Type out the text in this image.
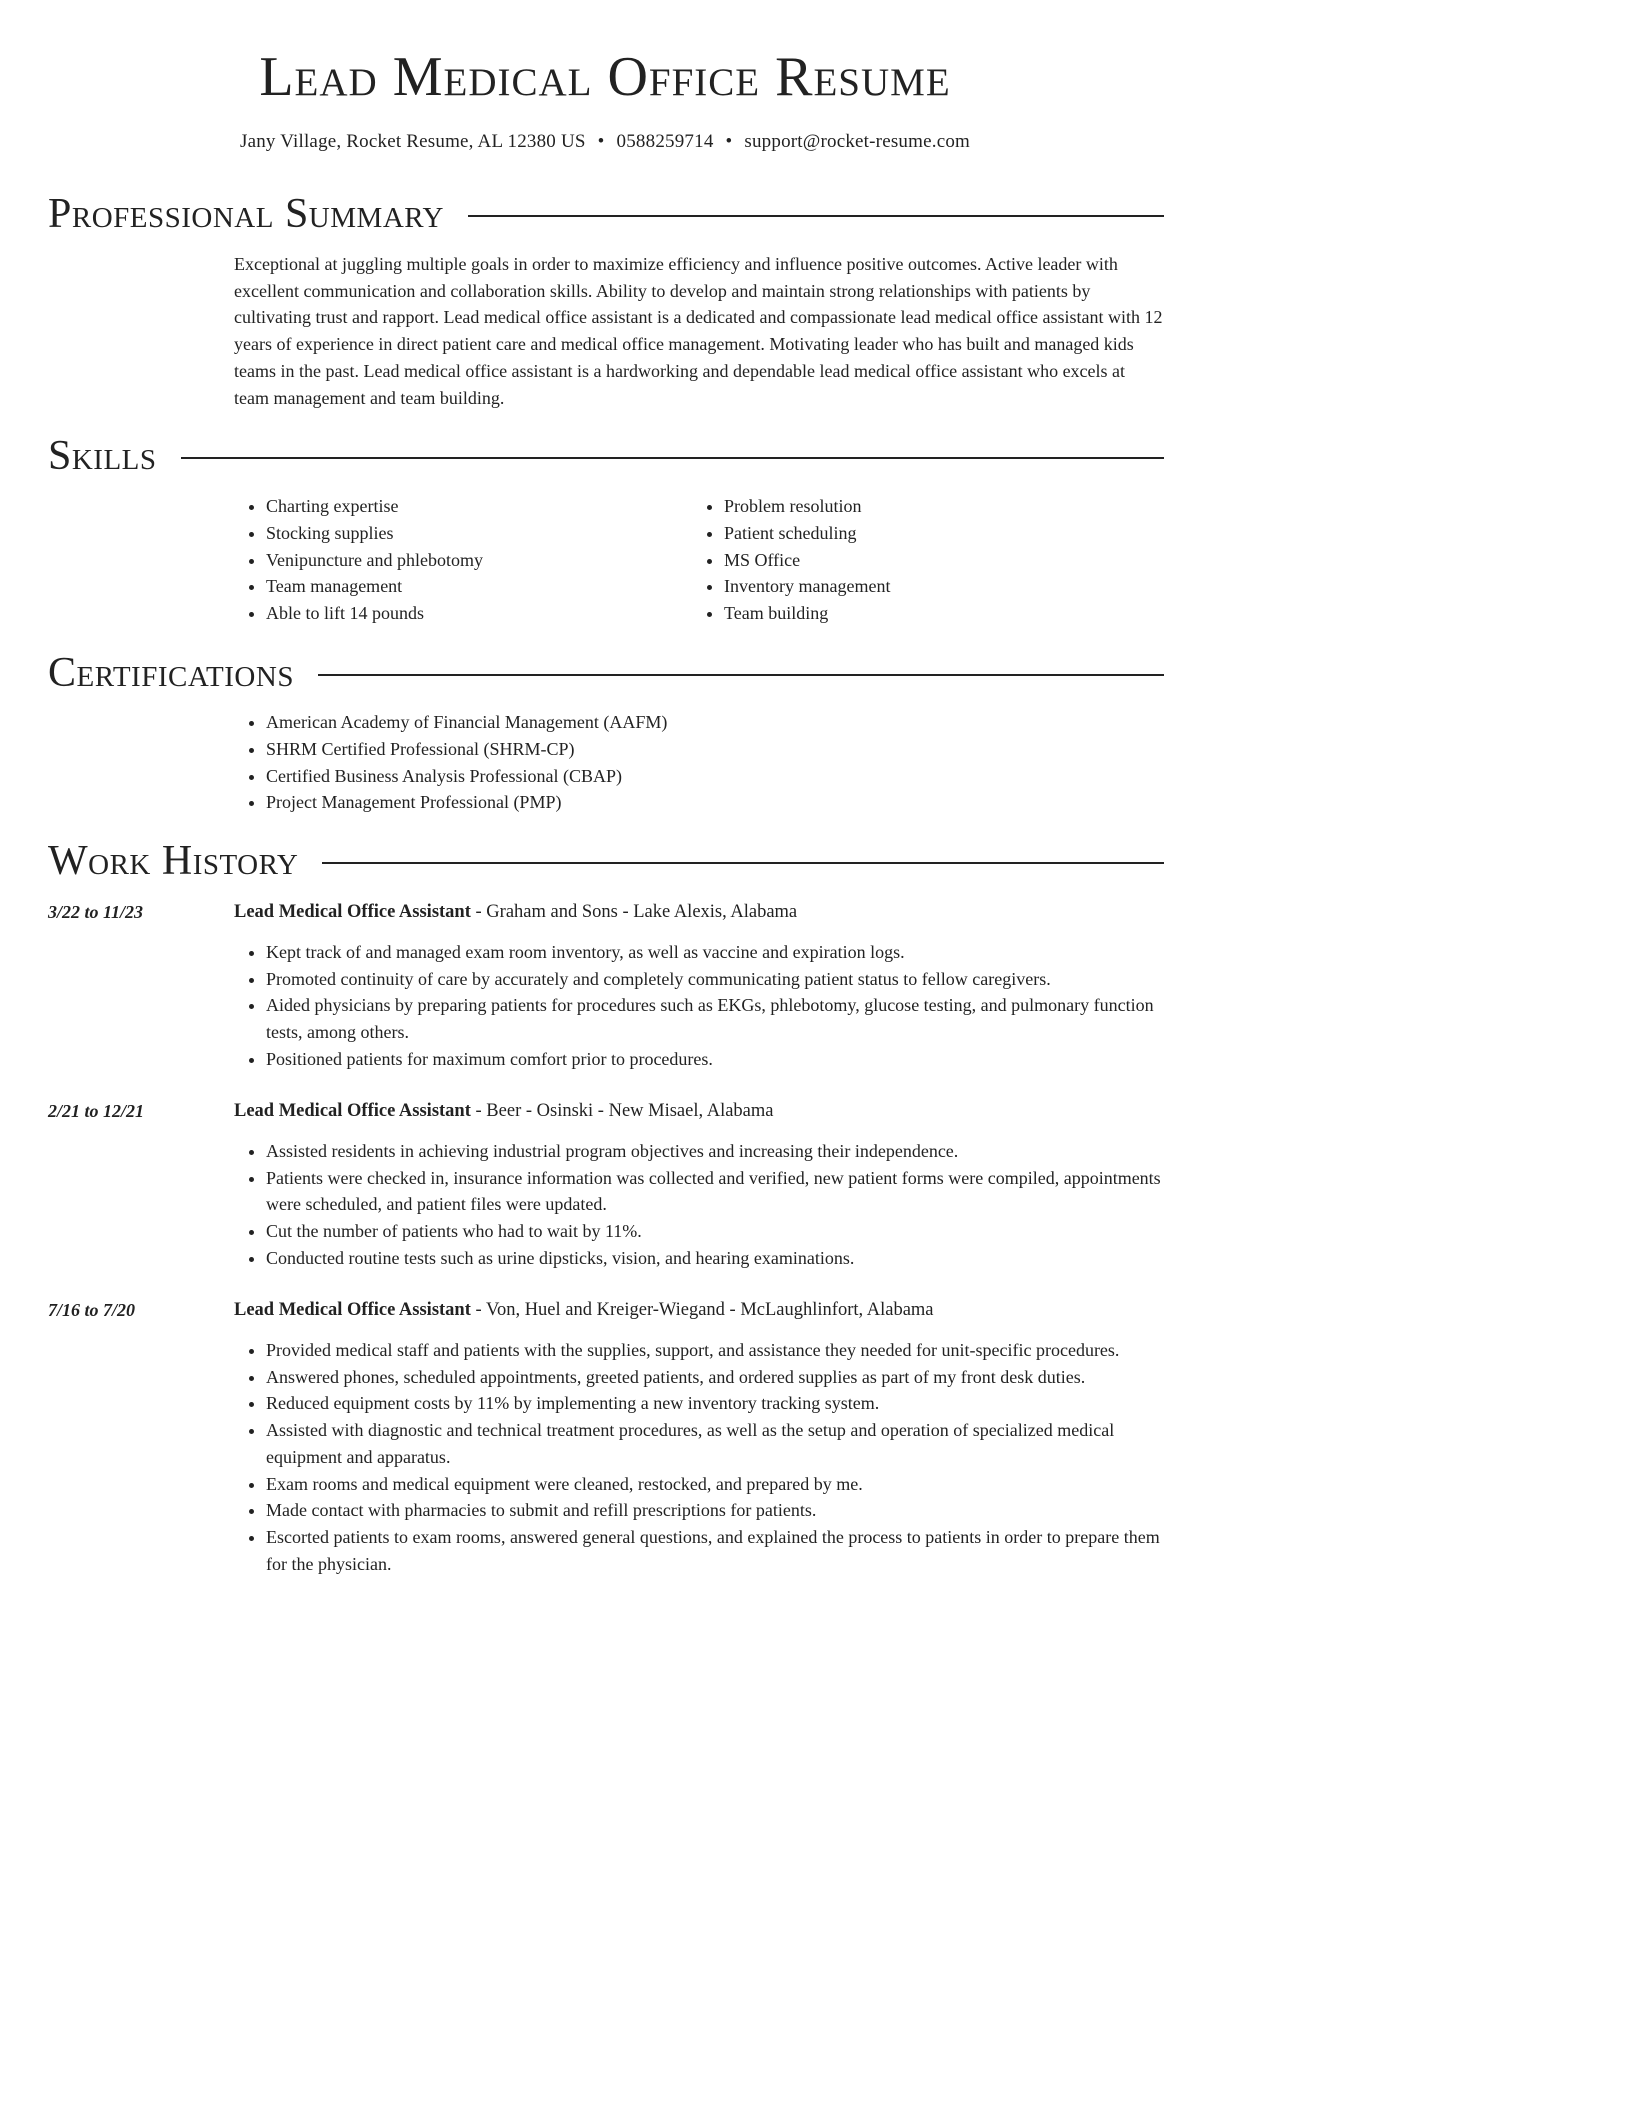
Lead Medical Office Resume
Jany Village, Rocket Resume, AL 12380 US • 0588259714 • support@rocket-resume.com
Professional Summary

Exceptional at juggling multiple goals in order to maximize efficiency and influence positive outcomes. Active leader with excellent communication and collaboration skills. Ability to develop and maintain strong relationships with patients by cultivating trust and rapport. Lead medical office assistant is a dedicated and compassionate lead medical office assistant with 12 years of experience in direct patient care and medical office management. Motivating leader who has built and managed kids teams in the past. Lead medical office assistant is a hardworking and dependable lead medical office assistant who excels at team management and team building.

Skills
• Charting expertise
• Stocking supplies
• Venipuncture and phlebotomy
• Team management
• Able to lift 14 pounds
• Problem resolution
• Patient scheduling
• MS Office
• Inventory management
• Team building
Certifications
• American Academy of Financial Management (AAFM)
• SHRM Certified Professional (SHRM-CP)
• Certified Business Analysis Professional (CBAP)
• Project Management Professional (PMP)
Work History
3/22 to 11/23	Lead Medical Office Assistant - Graham and Sons - Lake Alexis, Alabama
• Kept track of and managed exam room inventory, as well as vaccine and expiration logs.
• Promoted continuity of care by accurately and completely communicating patient status to fellow caregivers.
• Aided physicians by preparing patients for procedures such as EKGs, phlebotomy, glucose testing, and pulmonary function tests, among others.
• Positioned patients for maximum comfort prior to procedures.
2/21 to 12/21	Lead Medical Office Assistant - Beer - Osinski - New Misael, Alabama
• Assisted residents in achieving industrial program objectives and increasing their independence.
• Patients were checked in, insurance information was collected and verified, new patient forms were compiled, appointments were scheduled, and patient files were updated.
• Cut the number of patients who had to wait by 11%.
• Conducted routine tests such as urine dipsticks, vision, and hearing examinations.
7/16 to 7/20	Lead Medical Office Assistant - Von, Huel and Kreiger-Wiegand - McLaughlinfort, Alabama
• Provided medical staff and patients with the supplies, support, and assistance they needed for unit-specific procedures.
• Answered phones, scheduled appointments, greeted patients, and ordered supplies as part of my front desk duties.
• Reduced equipment costs by 11% by implementing a new inventory tracking system.
• Assisted with diagnostic and technical treatment procedures, as well as the setup and operation of specialized medical equipment and apparatus.
• Exam rooms and medical equipment were cleaned, restocked, and prepared by me.
• Made contact with pharmacies to submit and refill prescriptions for patients.
• Escorted patients to exam rooms, answered general questions, and explained the process to patients in order to prepare them for the physician.
